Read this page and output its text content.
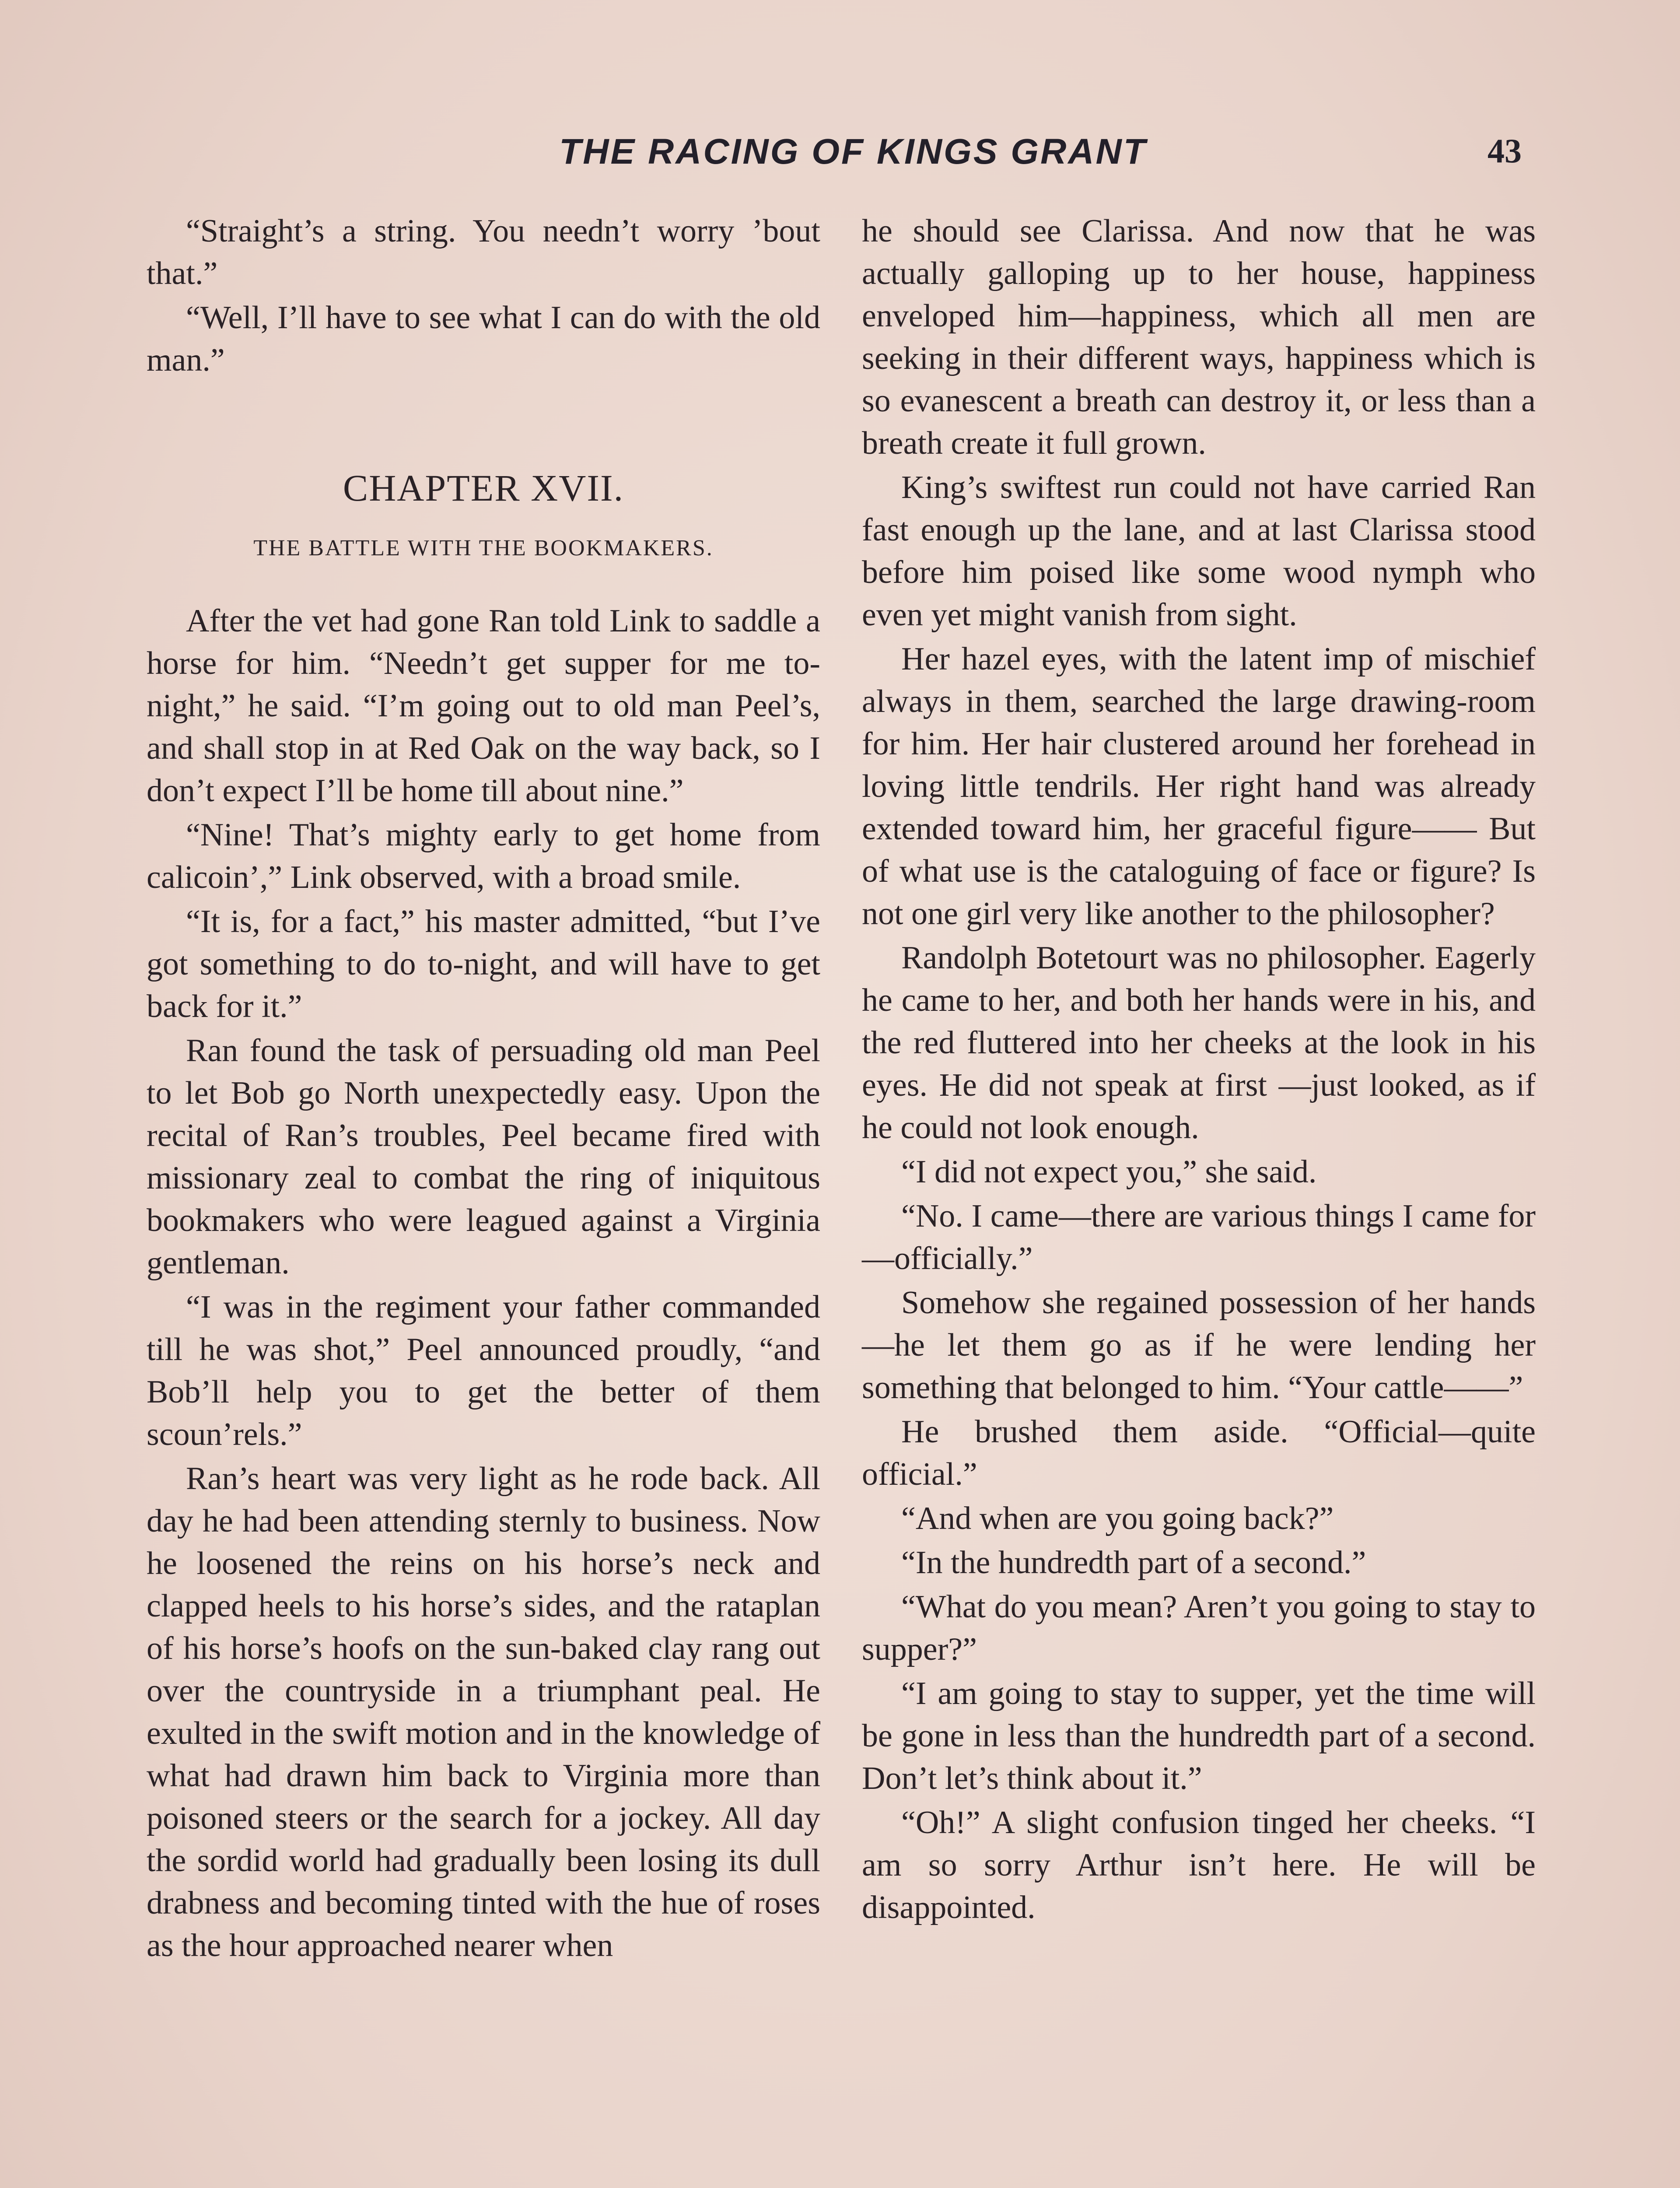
THE RACING OF KINGS GRANT	43

“Straight’s a string. You needn’t worry ’bout that.”

“Well, I’ll have to see what I can do with the old man.”

CHAPTER XVII.
THE BATTLE WITH THE BOOKMAKERS.

After the vet had gone Ran told Link to saddle a horse for him. “Needn’t get supper for me to-night,” he said. “I’m going out to old man Peel’s, and shall stop in at Red Oak on the way back, so I don’t expect I’ll be home till about nine.”

“Nine! That’s mighty early to get home from calicoin’,” Link observed, with a broad smile.

“It is, for a fact,” his master admitted, “but I’ve got something to do to-night, and will have to get back for it.”

Ran found the task of persuading old man Peel to let Bob go North unexpectedly easy. Upon the recital of Ran’s troubles, Peel became fired with missionary zeal to combat the ring of iniquitous bookmakers who were leagued against a Virginia gentleman.

“I was in the regiment your father commanded till he was shot,” Peel announced proudly, “and Bob’ll help you to get the better of them scoun’rels.”

Ran’s heart was very light as he rode back. All day he had been attending sternly to business. Now he loosened the reins on his horse’s neck and clapped heels to his horse’s sides, and the rataplan of his horse’s hoofs on the sun-baked clay rang out over the countryside in a triumphant peal. He exulted in the swift motion and in the knowledge of what had drawn him back to Virginia more than poisoned steers or the search for a jockey. All day the sordid world had gradually been losing its dull drabness and becoming tinted with the hue of roses as the hour approached nearer when

he should see Clarissa. And now that he was actually galloping up to her house, happiness enveloped him—happiness, which all men are seeking in their different ways, happiness which is so evanescent a breath can destroy it, or less than a breath create it full grown.

King’s swiftest run could not have carried Ran fast enough up the lane, and at last Clarissa stood before him poised like some wood nymph who even yet might vanish from sight.

Her hazel eyes, with the latent imp of mischief always in them, searched the large drawing-room for him. Her hair clustered around her forehead in loving little tendrils. Her right hand was already extended toward him, her graceful figure—— But of what use is the cataloguing of face or figure? Is not one girl very like another to the philosopher?

Randolph Botetourt was no philosopher. Eagerly he came to her, and both her hands were in his, and the red fluttered into her cheeks at the look in his eyes. He did not speak at first —just looked, as if he could not look enough.

“I did not expect you,” she said.

“No. I came—there are various things I came for—officially.”

Somehow she regained possession of her hands—he let them go as if he were lending her something that belonged to him. “Your cattle——”

He brushed them aside. “Official—quite official.”

“And when are you going back?”

“In the hundredth part of a second.”

“What do you mean? Aren’t you going to stay to supper?”

“I am going to stay to supper, yet the time will be gone in less than the hundredth part of a second. Don’t let’s think about it.”

“Oh!” A slight confusion tinged her cheeks. “I am so sorry Arthur isn’t here. He will be disappointed.
